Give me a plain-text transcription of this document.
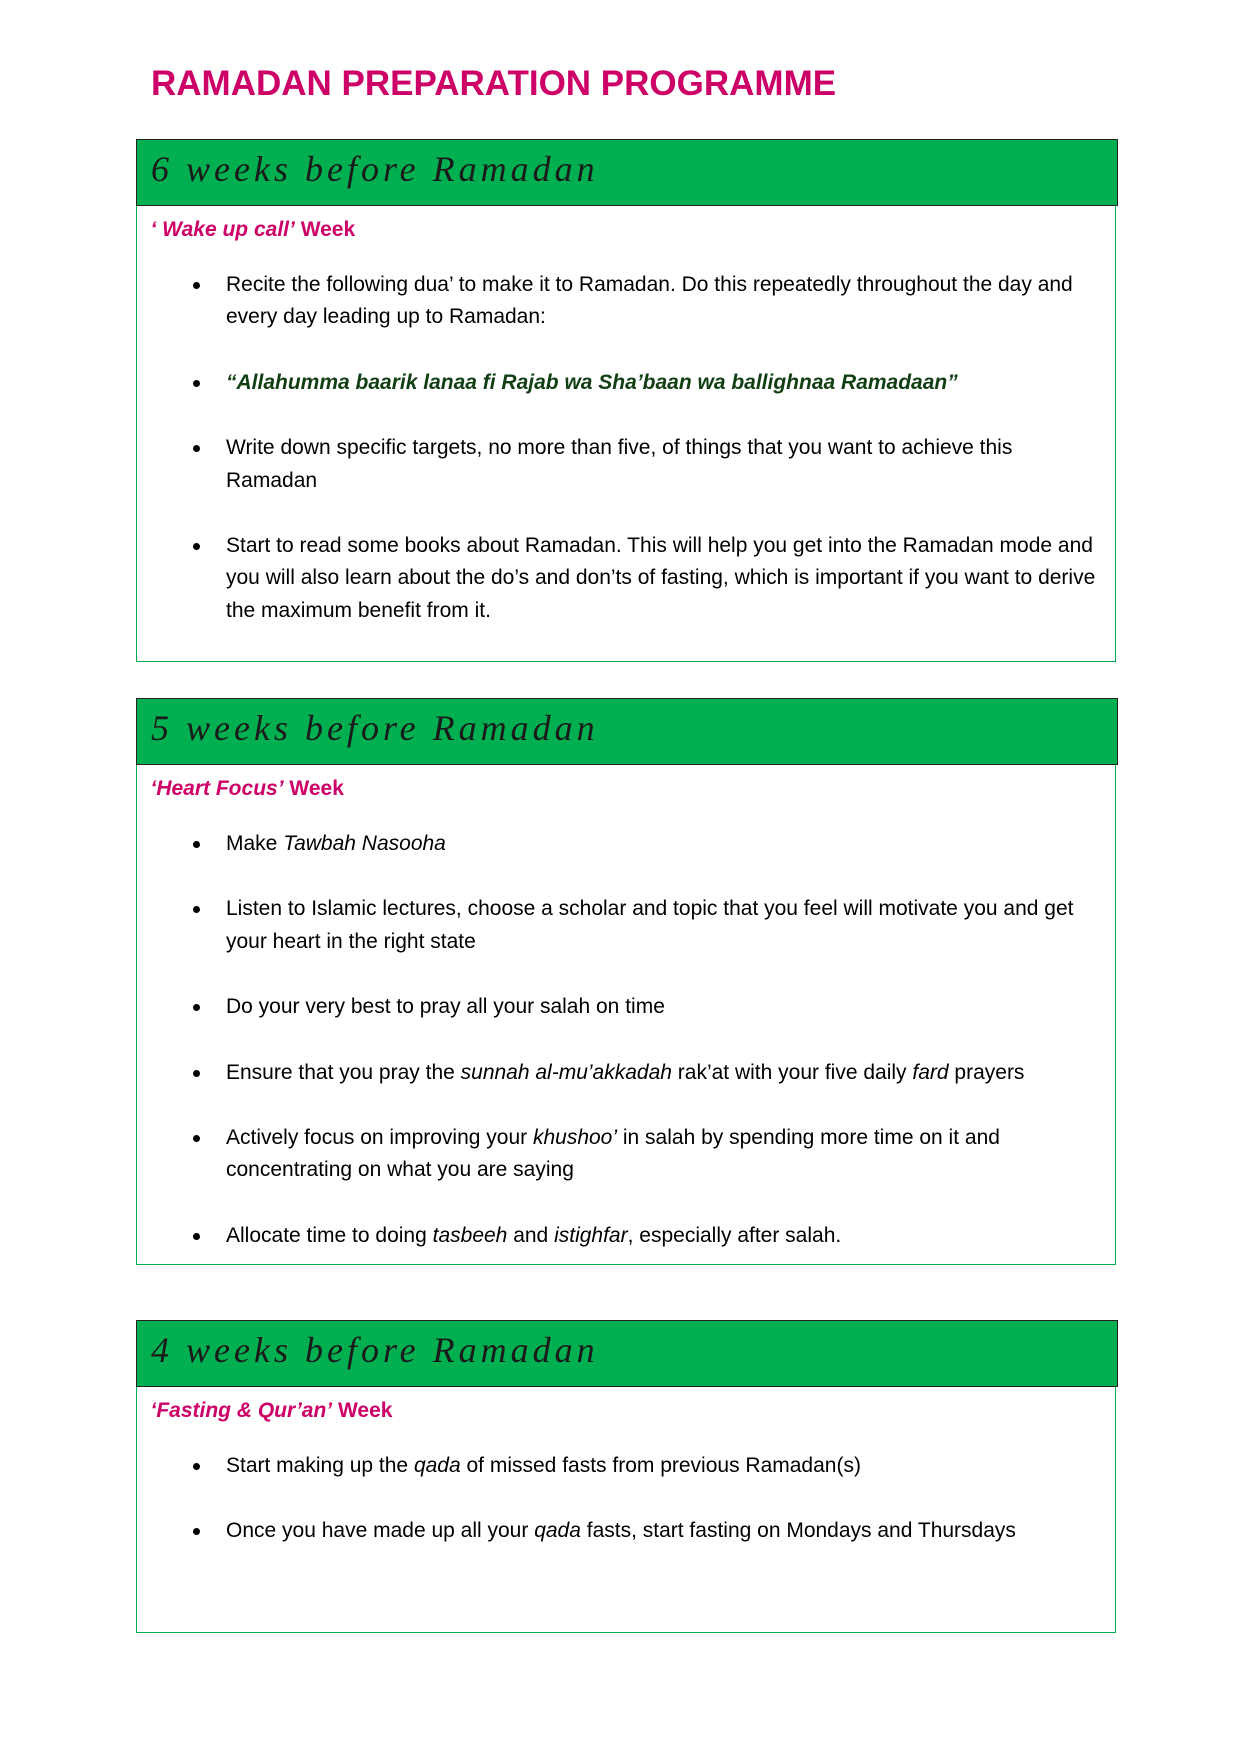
RAMADAN PREPARATION PROGRAMME
6 weeks before Ramadan
‘ Wake up call’ Week
Recite the following dua’ to make it to Ramadan. Do this repeatedly throughout the day and every day leading up to Ramadan:
“Allahumma baarik lanaa fi Rajab wa Sha’baan wa ballighnaa Ramadaan”
Write down specific targets, no more than five, of things that you want to achieve this Ramadan
Start to read some books about Ramadan. This will help you get into the Ramadan mode and you will also learn about the do’s and don’ts of fasting, which is important if you want to derive the maximum benefit from it.
5 weeks before Ramadan
‘Heart Focus’ Week
Make Tawbah Nasooha
Listen to Islamic lectures, choose a scholar and topic that you feel will motivate you and get your heart in the right state
Do your very best to pray all your salah on time
Ensure that you pray the sunnah al-mu’akkadah rak’at with your five daily fard prayers
Actively focus on improving your khushoo’ in salah by spending more time on it and concentrating on what you are saying
Allocate time to doing tasbeeh and istighfar, especially after salah.
4 weeks before Ramadan
‘Fasting & Qur’an’ Week
Start making up the qada of missed fasts from previous Ramadan(s)
Once you have made up all your qada fasts, start fasting on Mondays and Thursdays
